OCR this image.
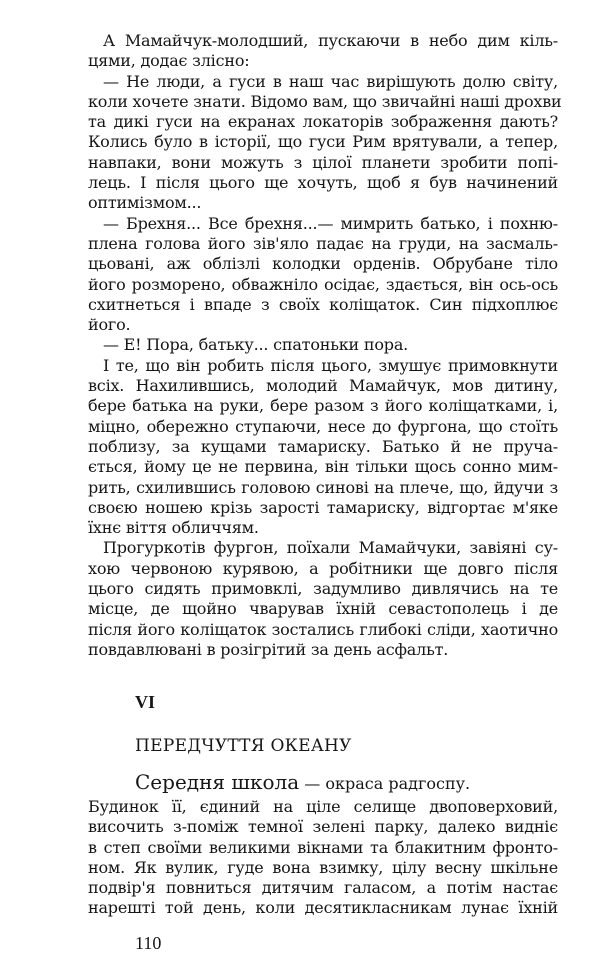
А Мамайчук-молодший, пускаючи в небо дим кіль-
цями, додає злісно:
— Не люди, а гуси в наш час вирішують долю світу,
коли хочете знати. Відомо вам, що звичайні наші дрохви
та дикі гуси на екранах локаторів зображення дають?
Колись було в історії, що гуси Рим врятували, а тепер,
навпаки, вони можуть з цілої планети зробити попі-
лець. І після цього ще хочуть, щоб я був начинений
оптимізмом...
— Брехня... Все брехня...— мимрить батько, і похню-
плена голова його зів'яло падає на груди, на засмаль-
цьовані, аж облізлі колодки орденів. Обрубане тіло
його розморено, обважніло осідає, здається, він ось-ось
схитнеться і впаде з своїх коліщаток. Син підхоплює
його.
— Е! Пора, батьку... спатоньки пора.
І те, що він робить після цього, змушує примовкнути
всіх. Нахилившись, молодий Мамайчук, мов дитину,
бере батька на руки, бере разом з його коліщатками, і,
міцно, обережно ступаючи, несе до фургона, що стоїть
поблизу, за кущами тамариску. Батько й не пруча-
ється, йому це не первина, він тільки щось сонно мим-
рить, схилившись головою синові на плече, що, йдучи з
своєю ношею крізь зарості тамариску, відгортає м'яке
їхнє віття обличчям.
Прогуркотів фургон, поїхали Мамайчуки, завіяні су-
хою червоною курявою, а робітники ще довго після
цього сидять примовклі, задумливо дивлячись на те
місце, де щойно чварував їхній севастополець і де
після його коліщаток зостались глибокі сліди, хаотично
повдавлювані в розігрітий за день асфальт.
VI
ПЕРЕДЧУТТЯ ОКЕАНУ
Середня школа — окраса радгоспу.
Будинок її, єдиний на ціле селище двоповерховий,
височить з-поміж темної зелені парку, далеко видніє
в степ своїми великими вікнами та блакитним фронто-
ном. Як вулик, гуде вона взимку, цілу весну шкільне
подвір'я повниться дитячим галасом, а потім настає
нарешті той день, коли десятикласникам лунає їхній
110
